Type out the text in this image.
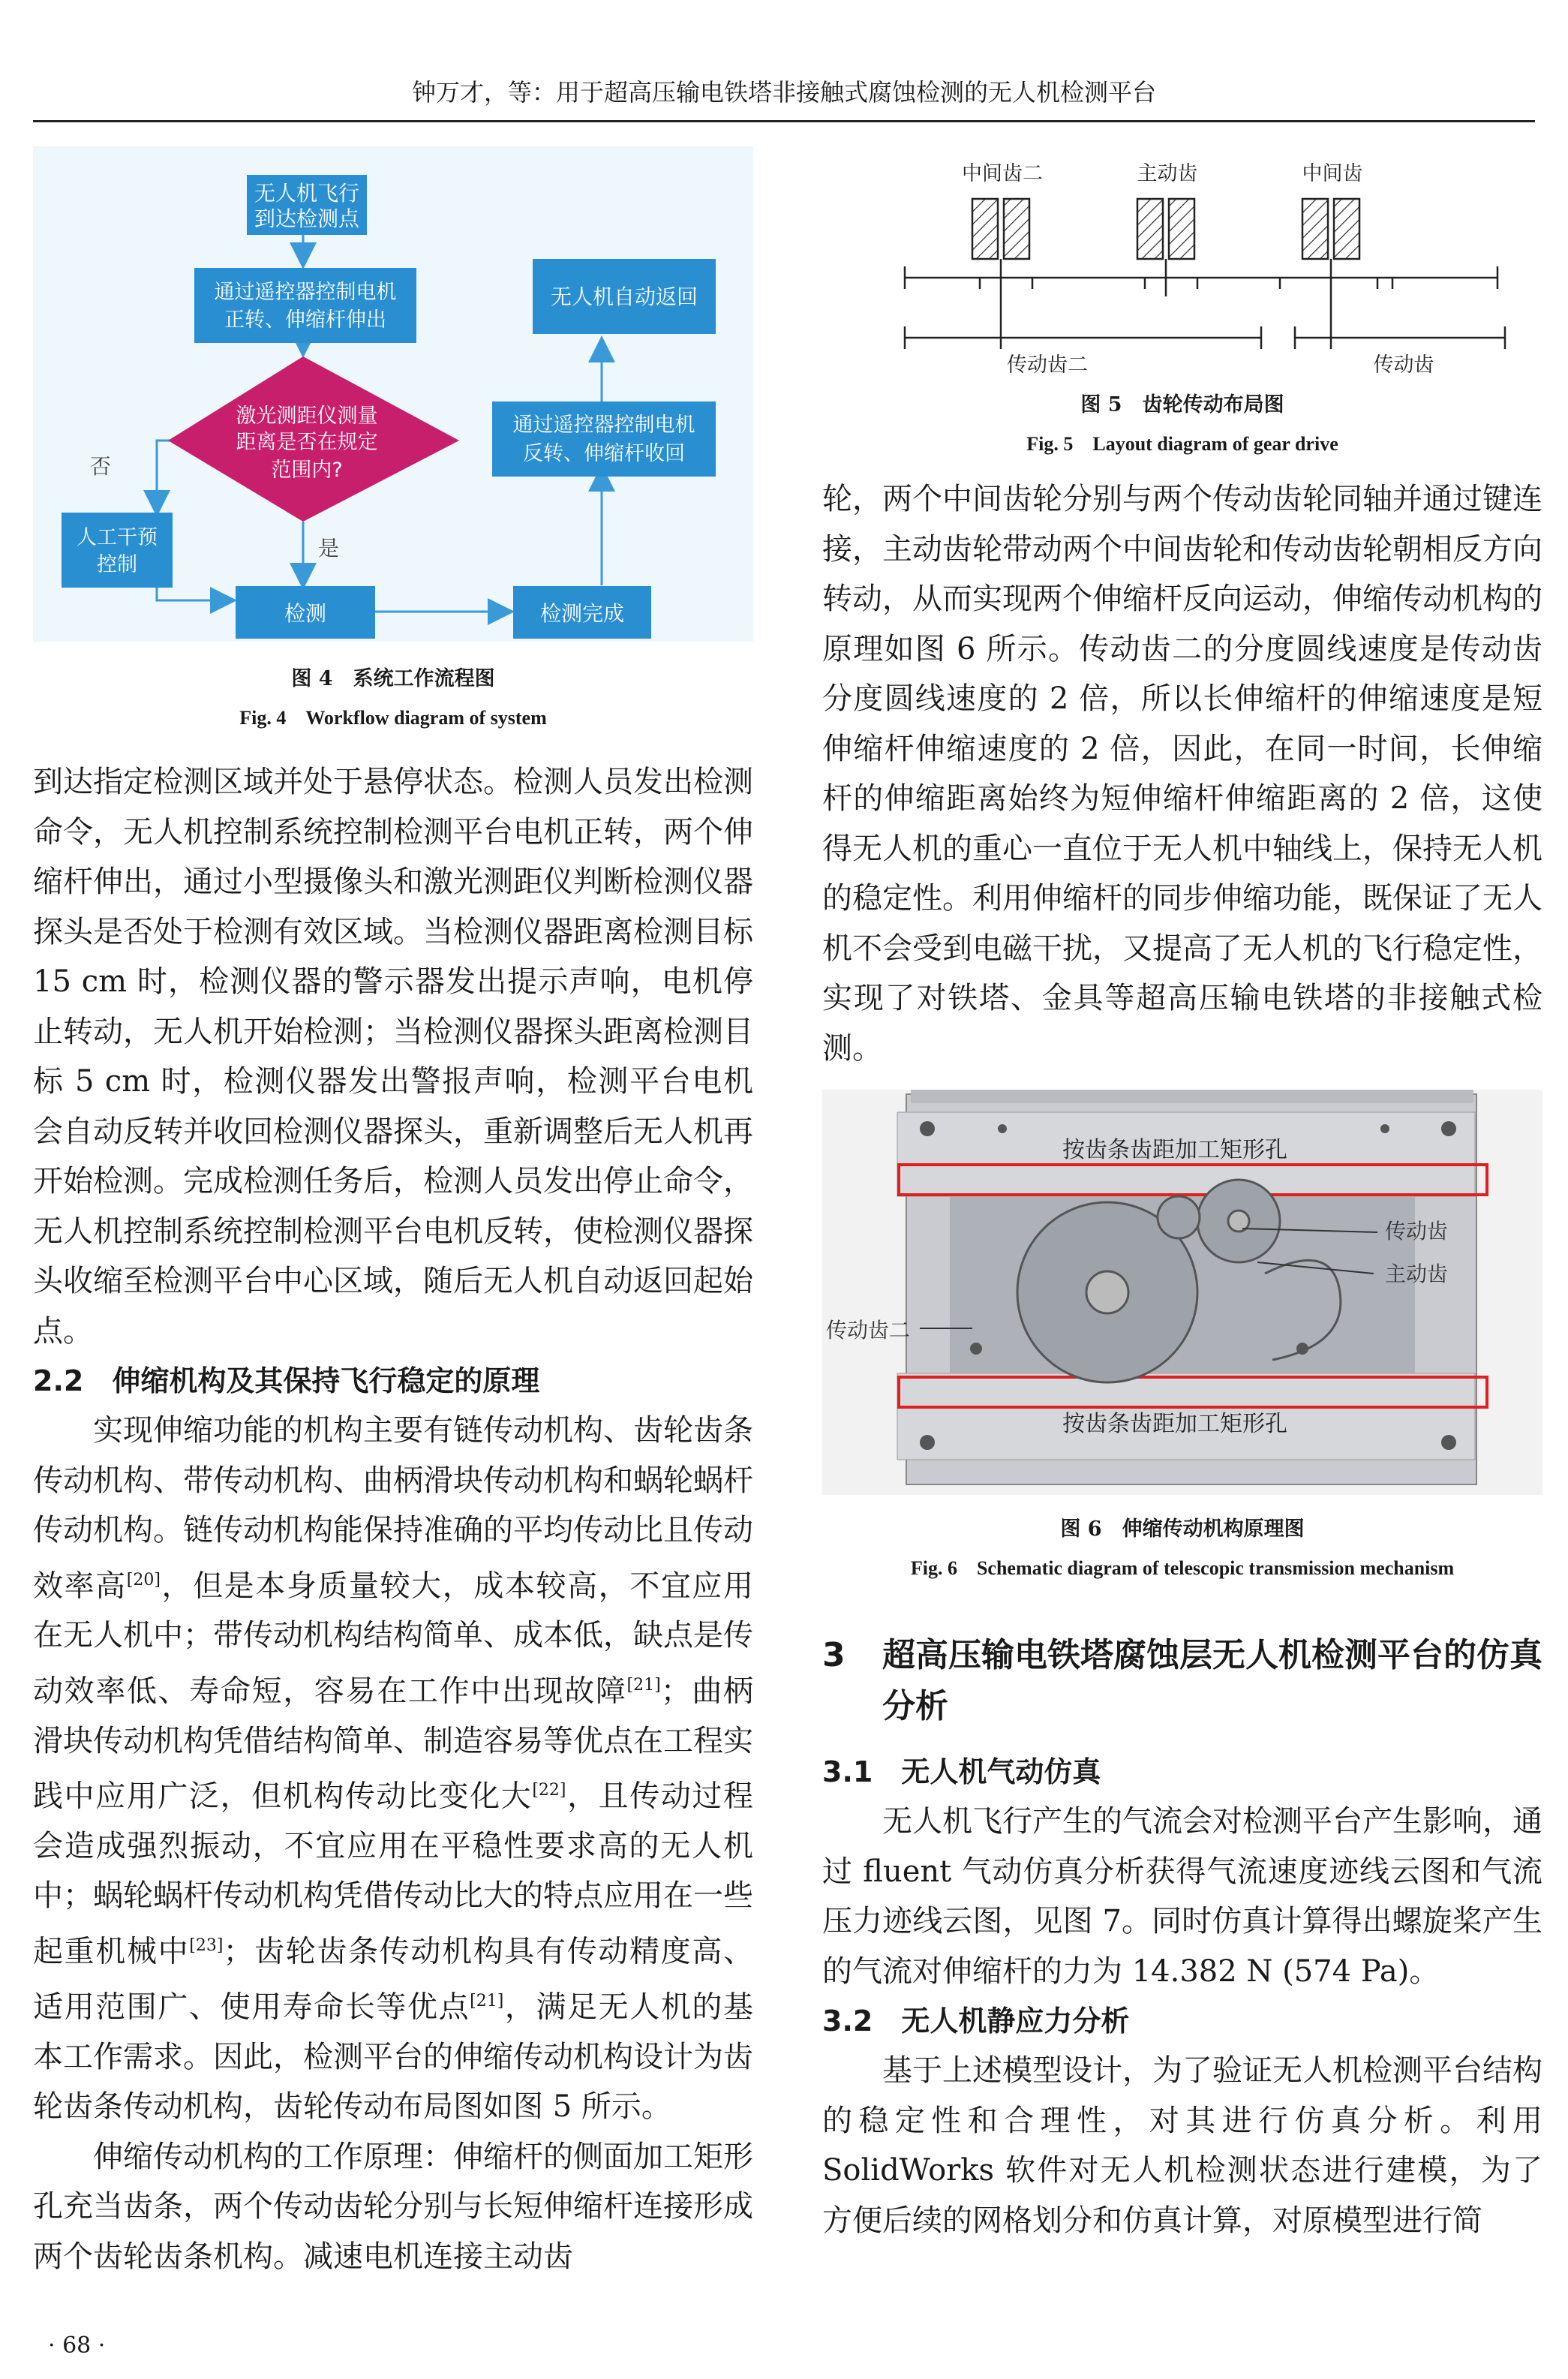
钟万才，等：用于超高压输电铁塔非接触式腐蚀检测的无人机检测平台
无人机飞行
到达检测点
通过遥控器控制电机
正转、伸缩杆伸出
激光测距仪测量
距离是否在规定
范围内?
人工干预
控制
检测	检测完成
通过遥控器控制电机
反转、伸缩杆收回
无人机自动返回
否
是

图 4　系统工作流程图

Fig. 4　Workflow diagram of system

到达指定检测区域并处于悬停状态。检测人员发出检测命令，无人机控制系统控制检测平台电机正转，两个伸缩杆伸出，通过小型摄像头和激光测距仪判断检测仪器探头是否处于检测有效区域。当检测仪器距离检测目标 15 cm 时，检测仪器的警示器发出提示声响，电机停止转动，无人机开始检测；当检测仪器探头距离检测目标 5 cm 时，检测仪器发出警报声响，检测平台电机会自动反转并收回检测仪器探头，重新调整后无人机再开始检测。完成检测任务后，检测人员发出停止命令，无人机控制系统控制检测平台电机反转，使检测仪器探头收缩至检测平台中心区域，随后无人机自动返回起始点。

2.2　伸缩机构及其保持飞行稳定的原理

实现伸缩功能的机构主要有链传动机构、齿轮齿条传动机构、带传动机构、曲柄滑块传动机构和蜗轮蜗杆传动机构。链传动机构能保持准确的平均传动比且传动效率高[20]，但是本身质量较大，成本较高，不宜应用在无人机中；带传动机构结构简单、成本低，缺点是传动效率低、寿命短，容易在工作中出现故障[21]；曲柄滑块传动机构凭借结构简单、制造容易等优点在工程实践中应用广泛，但机构传动比变化大[22]，且传动过程会造成强烈振动，不宜应用在平稳性要求高的无人机中；蜗轮蜗杆传动机构凭借传动比大的特点应用在一些起重机械中[23]；齿轮齿条传动机构具有传动精度高、适用范围广、使用寿命长等优点[21]，满足无人机的基本工作需求。因此，检测平台的伸缩传动机构设计为齿轮齿条传动机构，齿轮传动布局图如图 5 所示。

伸缩传动机构的工作原理：伸缩杆的侧面加工矩形孔充当齿条，两个传动齿轮分别与长短伸缩杆连接形成两个齿轮齿条机构。减速电机连接主动齿

中间齿二	主动齿	中间齿
传动齿二	传动齿

图 5　齿轮传动布局图

Fig. 5　Layout diagram of gear drive

轮，两个中间齿轮分别与两个传动齿轮同轴并通过键连接，主动齿轮带动两个中间齿轮和传动齿轮朝相反方向转动，从而实现两个伸缩杆反向运动，伸缩传动机构的原理如图 6 所示。传动齿二的分度圆线速度是传动齿分度圆线速度的 2 倍，所以长伸缩杆的伸缩速度是短伸缩杆伸缩速度的 2 倍，因此，在同一时间，长伸缩杆的伸缩距离始终为短伸缩杆伸缩距离的 2 倍，这使得无人机的重心一直位于无人机中轴线上，保持无人机的稳定性。利用伸缩杆的同步伸缩功能，既保证了无人机不会受到电磁干扰，又提高了无人机的飞行稳定性，实现了对铁塔、金具等超高压输电铁塔的非接触式检测。

按齿条齿距加工矩形孔
按齿条齿距加工矩形孔
传动齿
主动齿
传动齿二

图 6　伸缩传动机构原理图

Fig. 6　Schematic diagram of telescopic transmission mechanism

3	超高压输电铁塔腐蚀层无人机检测平台的仿真分析

3.1　无人机气动仿真

无人机飞行产生的气流会对检测平台产生影响，通过 fluent 气动仿真分析获得气流速度迹线云图和气流压力迹线云图，见图 7。同时仿真计算得出螺旋桨产生的气流对伸缩杆的力为 14.382 N (574 Pa)。

3.2　无人机静应力分析

基于上述模型设计，为了验证无人机检测平台结构的稳定性和合理性，对其进行仿真分析。利用 SolidWorks 软件对无人机检测状态进行建模，为了方便后续的网格划分和仿真计算，对原模型进行简

· 68 ·
